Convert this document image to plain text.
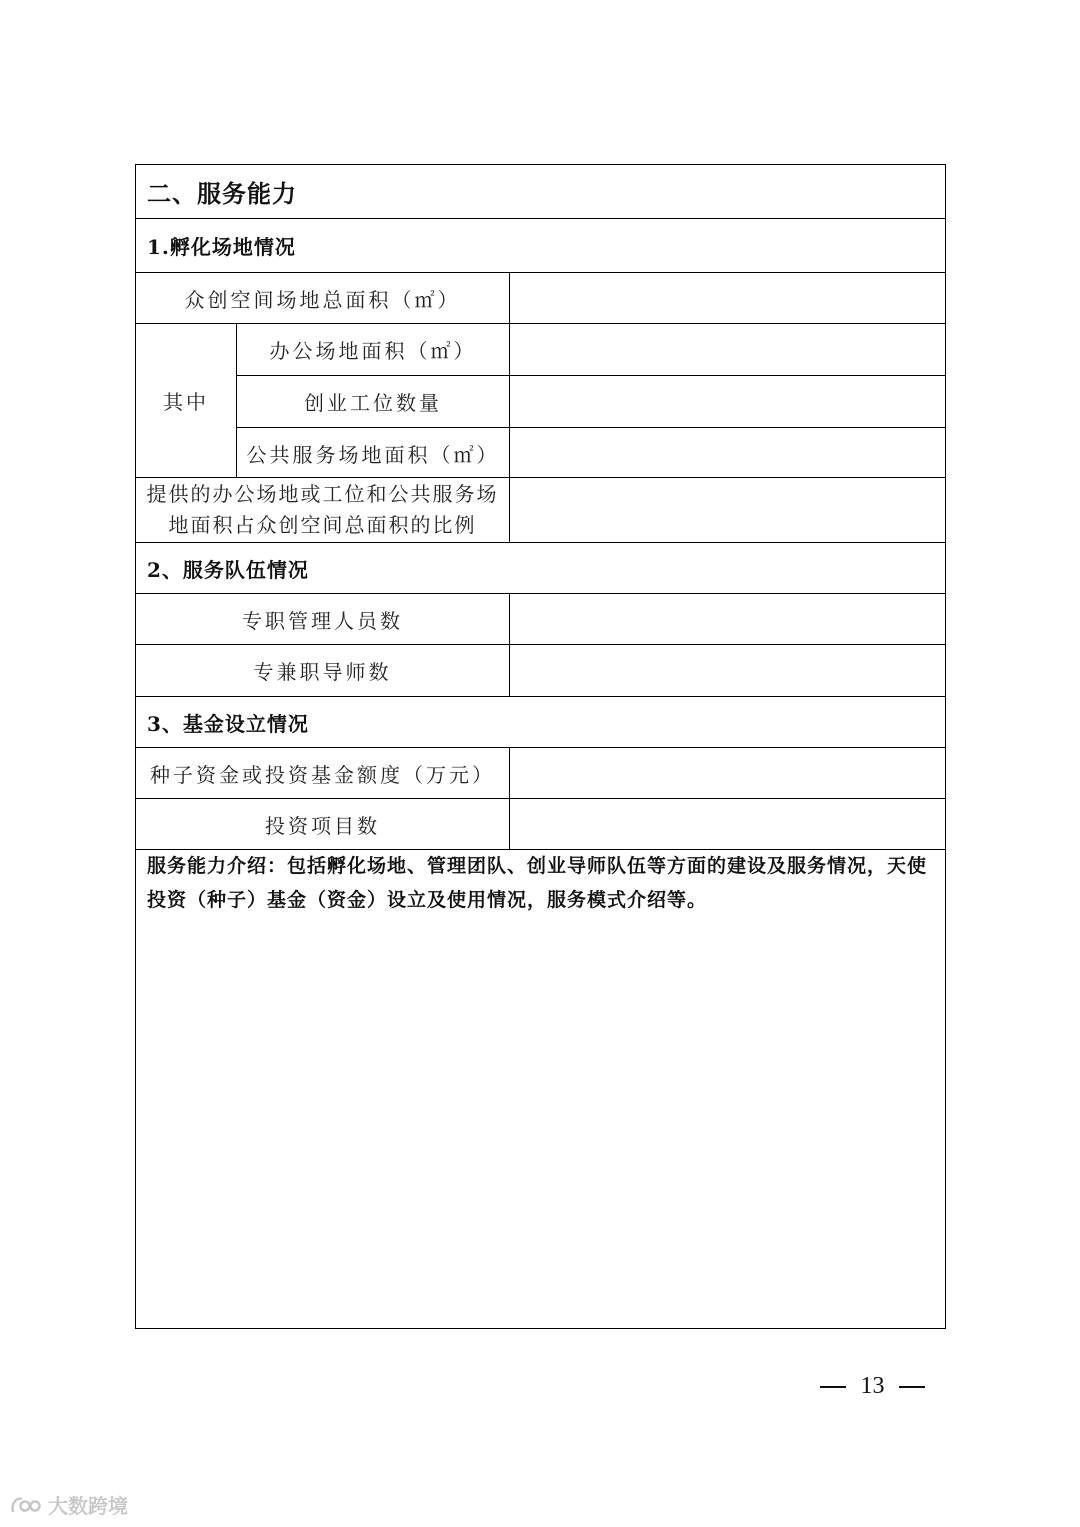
二、服务能力
1.孵化场地情况
众创空间场地总面积（㎡）
其中
办公场地面积（㎡）
创业工位数量
公共服务场地面积（㎡）
提供的办公场地或工位和公共服务场
地面积占众创空间总面积的比例
2、服务队伍情况
专职管理人员数
专兼职导师数
3、基金设立情况
种子资金或投资基金额度（万元）
投资项目数
服务能力介绍：包括孵化场地、管理团队、创业导师队伍等方面的建设及服务情况，天使投资（种子）基金（资金）设立及使用情况，服务模式介绍等。
13
大数跨境
